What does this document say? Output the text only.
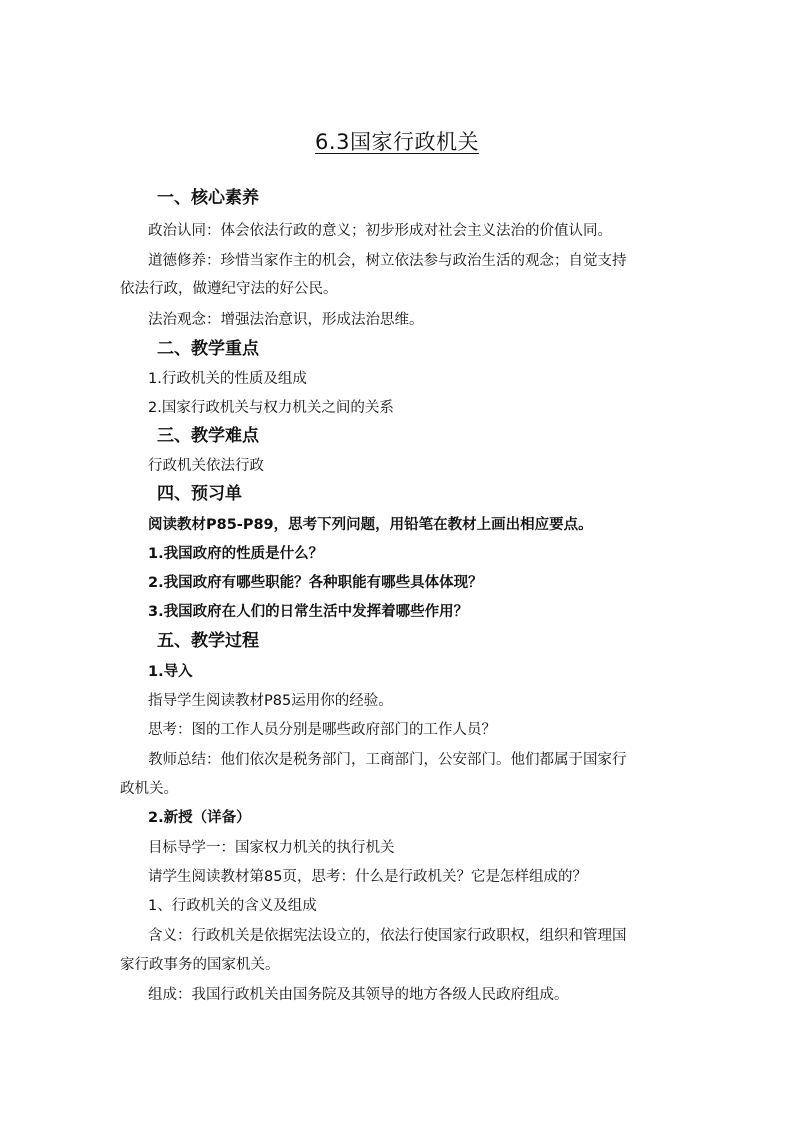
6.3国家行政机关
一、核心素养
政治认同：体会依法行政的意义；初步形成对社会主义法治的价值认同。
道德修养：珍惜当家作主的机会，树立依法参与政治生活的观念；自觉支持
依法行政，做遵纪守法的好公民。
法治观念：增强法治意识，形成法治思维。
二、教学重点
1.行政机关的性质及组成
2.国家行政机关与权力机关之间的关系
三、教学难点
行政机关依法行政
四、预习单
阅读教材P85-P89，思考下列问题，用铅笔在教材上画出相应要点。
1.我国政府的性质是什么？
2.我国政府有哪些职能？各种职能有哪些具体体现？
3.我国政府在人们的日常生活中发挥着哪些作用？
五、教学过程
1.导入
指导学生阅读教材P85运用你的经验。
思考：图的工作人员分别是哪些政府部门的工作人员？
教师总结：他们依次是税务部门，工商部门，公安部门。他们都属于国家行
政机关。
2.新授（详备）
目标导学一：国家权力机关的执行机关
请学生阅读教材第85页，思考：什么是行政机关？它是怎样组成的？
1、行政机关的含义及组成
含义：行政机关是依据宪法设立的，依法行使国家行政职权，组织和管理国
家行政事务的国家机关。
组成：我国行政机关由国务院及其领导的地方各级人民政府组成。
